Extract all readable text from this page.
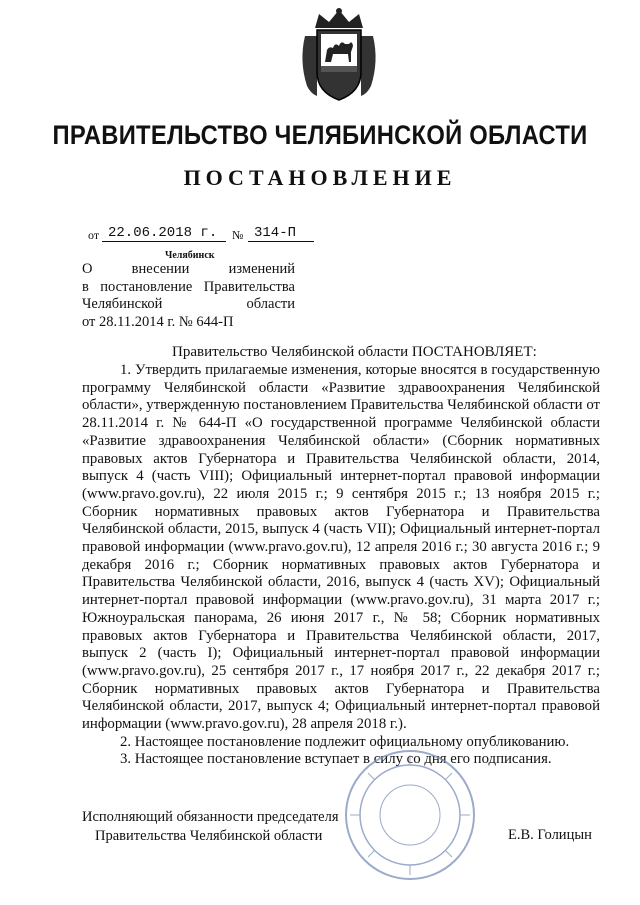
ПРАВИТЕЛЬСТВО ЧЕЛЯБИНСКОЙ ОБЛАСТИ
ПОСТАНОВЛЕНИЕ
от 22.06.2018 г.	№ 314-П
Челябинск
О внесении изменений
в постановление Правительства
Челябинской области
от 28.11.2014 г. № 644-П
Правительство Челябинской области ПОСТАНОВЛЯЕТ:

1. Утвердить прилагаемые изменения, которые вносятся в государственную программу Челябинской области «Развитие здравоохранения Челябинской области», утвержденную постановлением Правительства Челябинской области от 28.11.2014 г. № 644-П «О государственной программе Челябинской области «Развитие здравоохранения Челябинской области» (Сборник нормативных правовых актов Губернатора и Правительства Челябинской области, 2014, выпуск 4 (часть VIII); Официальный интернет-портал правовой информации (www.pravo.gov.ru), 22 июля 2015 г.; 9 сентября 2015 г.; 13 ноября 2015 г.; Сборник нормативных правовых актов Губернатора и Правительства Челябинской области, 2015, выпуск 4 (часть VII); Официальный интернет-портал правовой информации (www.pravo.gov.ru), 12 апреля 2016 г.; 30 августа 2016 г.; 9 декабря 2016 г.; Сборник нормативных правовых актов Губернатора и Правительства Челябинской области, 2016, выпуск 4 (часть XV); Официальный интернет-портал правовой информации (www.pravo.gov.ru), 31 марта 2017 г.; Южноуральская панорама, 26 июня 2017 г., № 58; Сборник нормативных правовых актов Губернатора и Правительства Челябинской области, 2017, выпуск 2 (часть I); Официальный интернет-портал правовой информации (www.pravo.gov.ru), 25 сентября 2017 г., 17 ноября 2017 г., 22 декабря 2017 г.; Сборник нормативных правовых актов Губернатора и Правительства Челябинской области, 2017, выпуск 4; Официальный интернет-портал правовой информации (www.pravo.gov.ru), 28 апреля 2018 г.).

2. Настоящее постановление подлежит официальному опубликованию.

3. Настоящее постановление вступает в силу со дня его подписания.

Исполняющий обязанности председателя
Правительства Челябинской области	Е.В. Голицын
